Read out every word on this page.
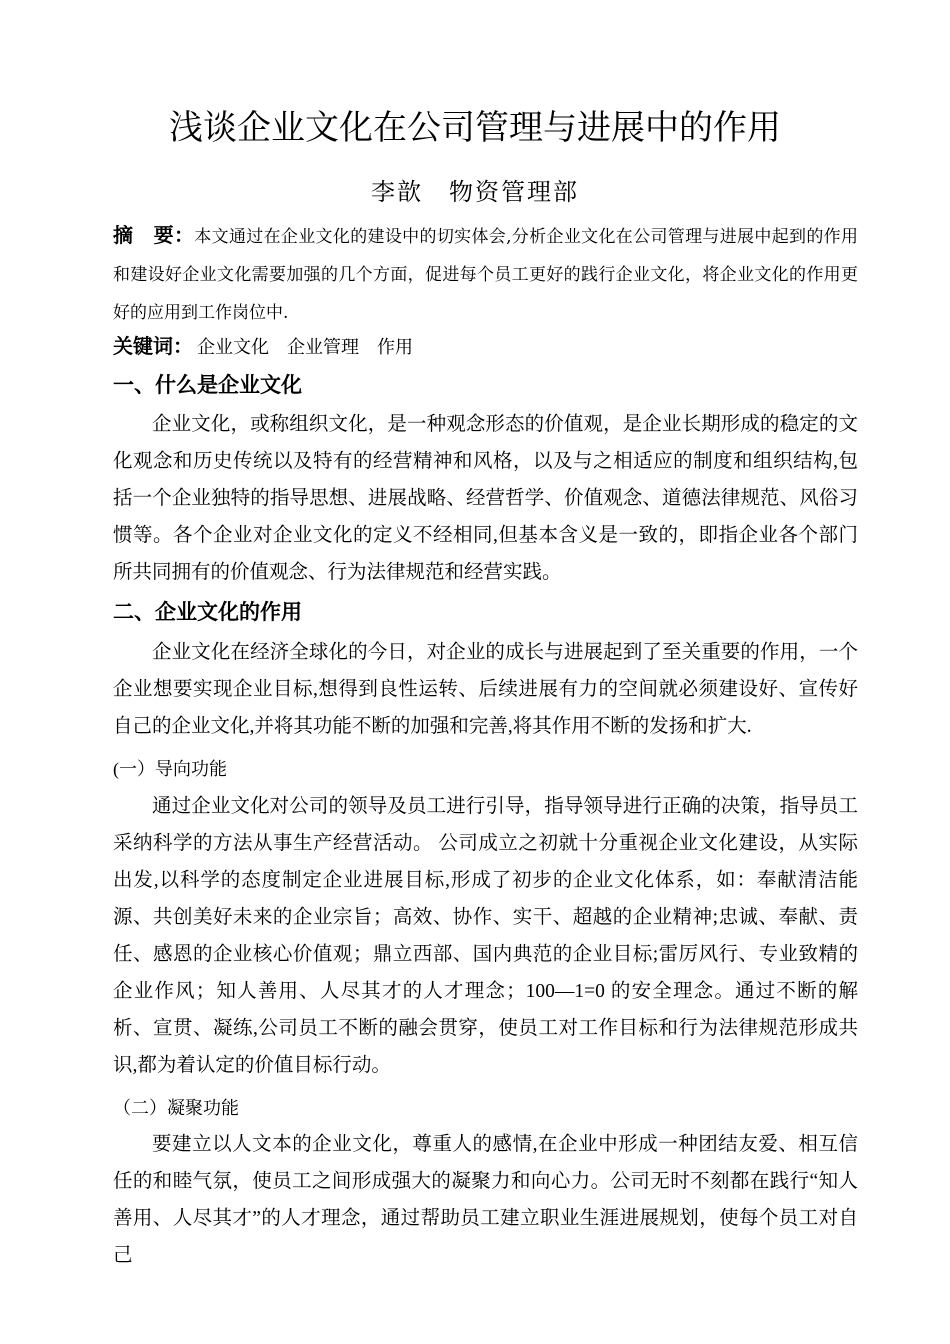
浅谈企业文化在公司管理与进展中的作用
李歆　物资管理部
摘　要：本文通过在企业文化的建设中的切实体会,分析企业文化在公司管理与进展中起到的作用和建设好企业文化需要加强的几个方面，促进每个员工更好的践行企业文化，将企业文化的作用更好的应用到工作岗位中.
关键词： 企业文化 企业管理 作用
一、什么是企业文化
企业文化，或称组织文化，是一种观念形态的价值观，是企业长期形成的稳定的文化观念和历史传统以及特有的经营精神和风格，以及与之相适应的制度和组织结构,包括一个企业独特的指导思想、进展战略、经营哲学、价值观念、道德法律规范、风俗习惯等。各个企业对企业文化的定义不经相同,但基本含义是一致的，即指企业各个部门所共同拥有的价值观念、行为法律规范和经营实践。
二、企业文化的作用
企业文化在经济全球化的今日，对企业的成长与进展起到了至关重要的作用，一个企业想要实现企业目标,想得到良性运转、后续进展有力的空间就必须建设好、宣传好自己的企业文化,并将其功能不断的加强和完善,将其作用不断的发扬和扩大.
(一）导向功能
通过企业文化对公司的领导及员工进行引导，指导领导进行正确的决策，指导员工采纳科学的方法从事生产经营活动。 公司成立之初就十分重视企业文化建设，从实际出发,以科学的态度制定企业进展目标,形成了初步的企业文化体系，如：奉献清洁能源、共创美好未来的企业宗旨；高效、协作、实干、超越的企业精神;忠诚、奉献、责任、感恩的企业核心价值观；鼎立西部、国内典范的企业目标;雷厉风行、专业致精的企业作风；知人善用、人尽其才的人才理念；100—1=0 的安全理念。通过不断的解析、宣贯、凝练,公司员工不断的融会贯穿，使员工对工作目标和行为法律规范形成共识,都为着认定的价值目标行动。
（二）凝聚功能
要建立以人文本的企业文化，尊重人的感情,在企业中形成一种团结友爱、相互信任的和睦气氛，使员工之间形成强大的凝聚力和向心力。公司无时不刻都在践行“知人善用、人尽其才”的人才理念，通过帮助员工建立职业生涯进展规划，使每个员工对自己
